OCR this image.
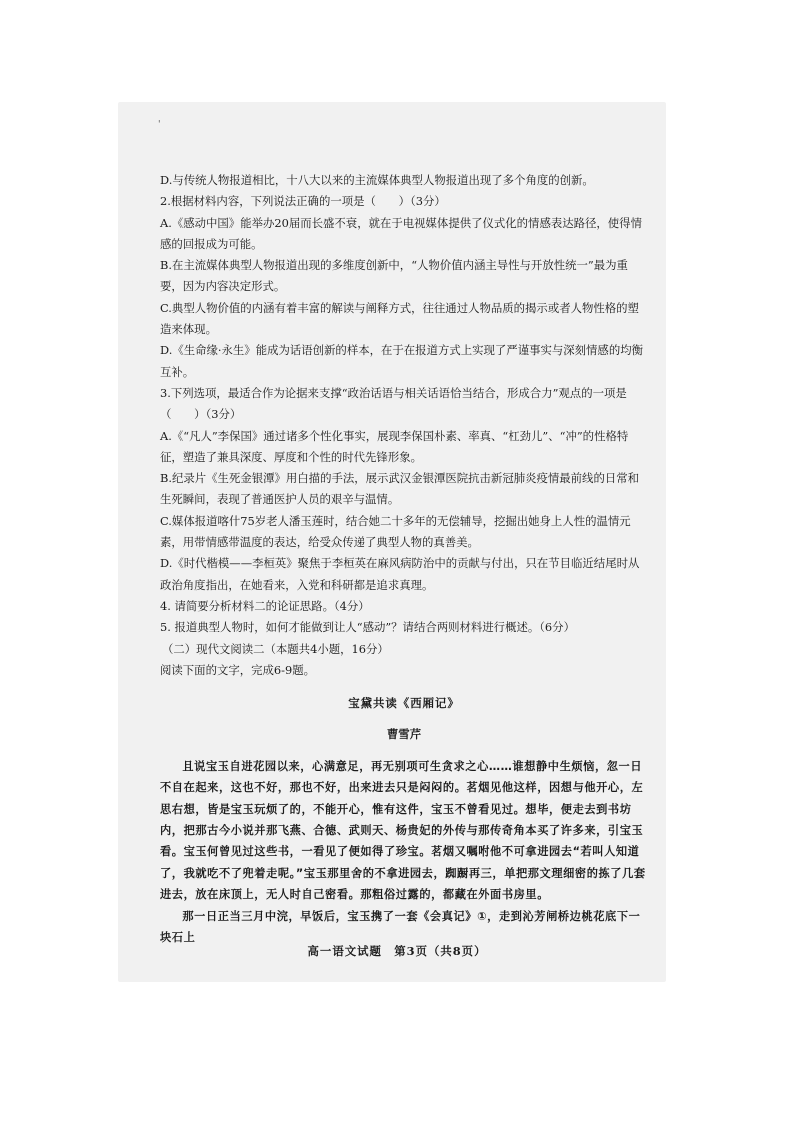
'

D.与传统人物报道相比，十八大以来的主流媒体典型人物报道出现了多个角度的创新。

2.根据材料内容，下列说法正确的一项是（　　）（3分）

A.《感动中国》能举办20届而长盛不衰，就在于电视媒体提供了仪式化的情感表达路径，使得情感的回报成为可能。

B.在主流媒体典型人物报道出现的多维度创新中，“人物价值内涵主导性与开放性统一”最为重要，因为内容决定形式。

C.典型人物价值的内涵有着丰富的解读与阐释方式，往往通过人物品质的揭示或者人物性格的塑造来体现。

D.《生命缘·永生》能成为话语创新的样本，在于在报道方式上实现了严谨事实与深刻情感的均衡互补。

3.下列选项，最适合作为论据来支撑“政治话语与相关话语恰当结合，形成合力”观点的一项是（　　）（3分）

A.《“凡人”李保国》通过诸多个性化事实，展现李保国朴素、率真、“杠劲儿”、“冲”的性格特征，塑造了兼具深度、厚度和个性的时代先锋形象。

B.纪录片《生死金银潭》用白描的手法，展示武汉金银潭医院抗击新冠肺炎疫情最前线的日常和生死瞬间，表现了普通医护人员的艰辛与温情。

C.媒体报道喀什75岁老人潘玉莲时，结合她二十多年的无偿辅导，挖掘出她身上人性的温情元素，用带情感带温度的表达，给受众传递了典型人物的真善美。

D.《时代楷模——李桓英》聚焦于李桓英在麻风病防治中的贡献与付出，只在节目临近结尾时从政治角度指出，在她看来，入党和科研都是追求真理。

4. 请简要分析材料二的论证思路。（4分）

5. 报道典型人物时，如何才能做到让人“感动”？请结合两则材料进行概述。（6分）

（二）现代文阅读二（本题共4小题，16分）

阅读下面的文字，完成6-9题。

宝黛共读《西厢记》

曹雪芹

且说宝玉自进花园以来，心满意足，再无别项可生贪求之心……谁想静中生烦恼，忽一日不自在起来，这也不好，那也不好，出来进去只是闷闷的。茗烟见他这样，因想与他开心，左思右想，皆是宝玉玩烦了的，不能开心，惟有这件，宝玉不曾看见过。想毕，便走去到书坊内，把那古今小说并那飞燕、合德、武则天、杨贵妃的外传与那传奇角本买了许多来，引宝玉看。宝玉何曾见过这些书，一看见了便如得了珍宝。茗烟又嘱咐他不可拿进园去“若叫人知道了，我就吃不了兜着走呢。”宝玉那里舍的不拿进园去，踟蹰再三，单把那文理细密的拣了几套进去，放在床顶上，无人时自己密看。那粗俗过露的，都藏在外面书房里。

那一日正当三月中浣，早饭后，宝玉携了一套《会真记》①，走到沁芳闸桥边桃花底下一块石上

高一语文试题　第3页（共8页）
